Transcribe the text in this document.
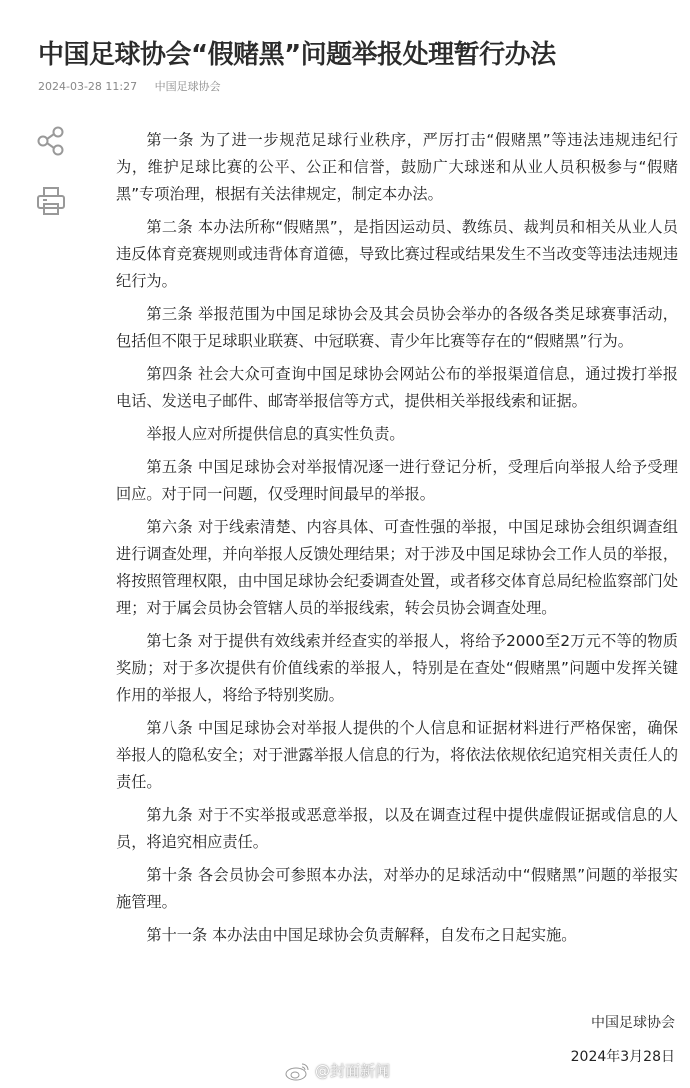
中国足球协会“假赌黑”问题举报处理暂行办法
2024-03-28 11:27 中国足球协会

第一条 为了进一步规范足球行业秩序，严厉打击“假赌黑”等违法违规违纪行为，维护足球比赛的公平、公正和信誉，鼓励广大球迷和从业人员积极参与“假赌黑”专项治理，根据有关法律规定，制定本办法。

第二条 本办法所称“假赌黑”，是指因运动员、教练员、裁判员和相关从业人员违反体育竞赛规则或违背体育道德，导致比赛过程或结果发生不当改变等违法违规违纪行为。

第三条 举报范围为中国足球协会及其会员协会举办的各级各类足球赛事活动，包括但不限于足球职业联赛、中冠联赛、青少年比赛等存在的“假赌黑”行为。

第四条 社会大众可查询中国足球协会网站公布的举报渠道信息，通过拨打举报电话、发送电子邮件、邮寄举报信等方式，提供相关举报线索和证据。

举报人应对所提供信息的真实性负责。

第五条 中国足球协会对举报情况逐一进行登记分析，受理后向举报人给予受理回应。对于同一问题，仅受理时间最早的举报。

第六条 对于线索清楚、内容具体、可查性强的举报，中国足球协会组织调查组进行调查处理，并向举报人反馈处理结果；对于涉及中国足球协会工作人员的举报，将按照管理权限，由中国足球协会纪委调查处置，或者移交体育总局纪检监察部门处理；对于属会员协会管辖人员的举报线索，转会员协会调查处理。

第七条 对于提供有效线索并经查实的举报人，将给予2000至2万元不等的物质奖励；对于多次提供有价值线索的举报人，特别是在查处“假赌黑”问题中发挥关键作用的举报人，将给予特别奖励。

第八条 中国足球协会对举报人提供的个人信息和证据材料进行严格保密，确保举报人的隐私安全；对于泄露举报人信息的行为，将依法依规依纪追究相关责任人的责任。

第九条 对于不实举报或恶意举报，以及在调查过程中提供虚假证据或信息的人员，将追究相应责任。

第十条 各会员协会可参照本办法，对举办的足球活动中“假赌黑”问题的举报实施管理。

第十一条 本办法由中国足球协会负责解释，自发布之日起实施。

中国足球协会
2024年3月28日
@封面新闻
